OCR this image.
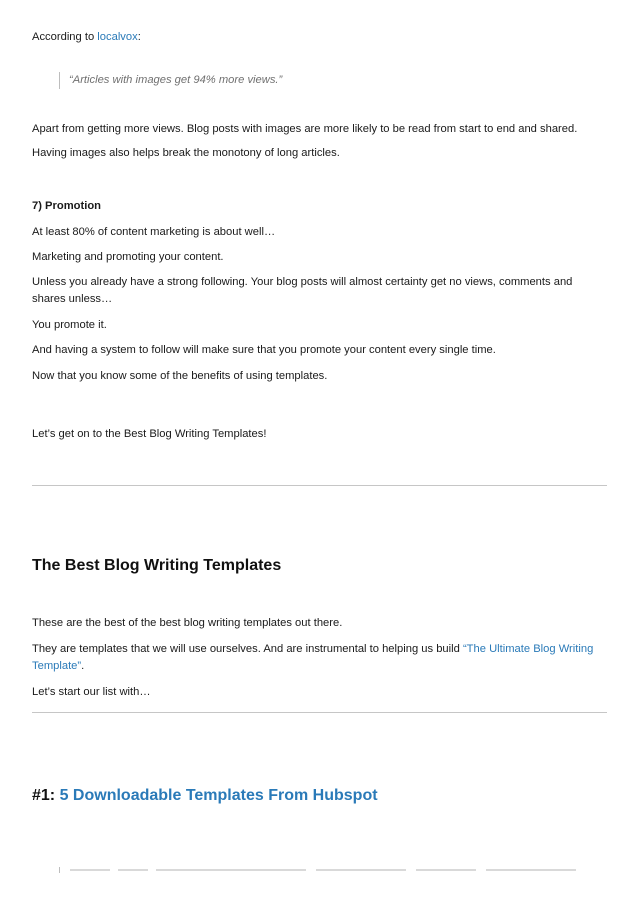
According to localvox:

“Articles with images get 94% more views.”

Apart from getting more views. Blog posts with images are more likely to be read from start to end and shared.

Having images also helps break the monotony of long articles.

7) Promotion

At least 80% of content marketing is about well…

Marketing and promoting your content.

Unless you already have a strong following. Your blog posts will almost certainty get no views, comments and shares unless…

You promote it.

And having a system to follow will make sure that you promote your content every single time.

Now that you know some of the benefits of using templates.

Let’s get on to the Best Blog Writing Templates!

The Best Blog Writing Templates

These are the best of the best blog writing templates out there.

They are templates that we will use ourselves. And are instrumental to helping us build “The Ultimate Blog Writing Template”.

Let’s start our list with…

#1: 5 Downloadable Templates From Hubspot
